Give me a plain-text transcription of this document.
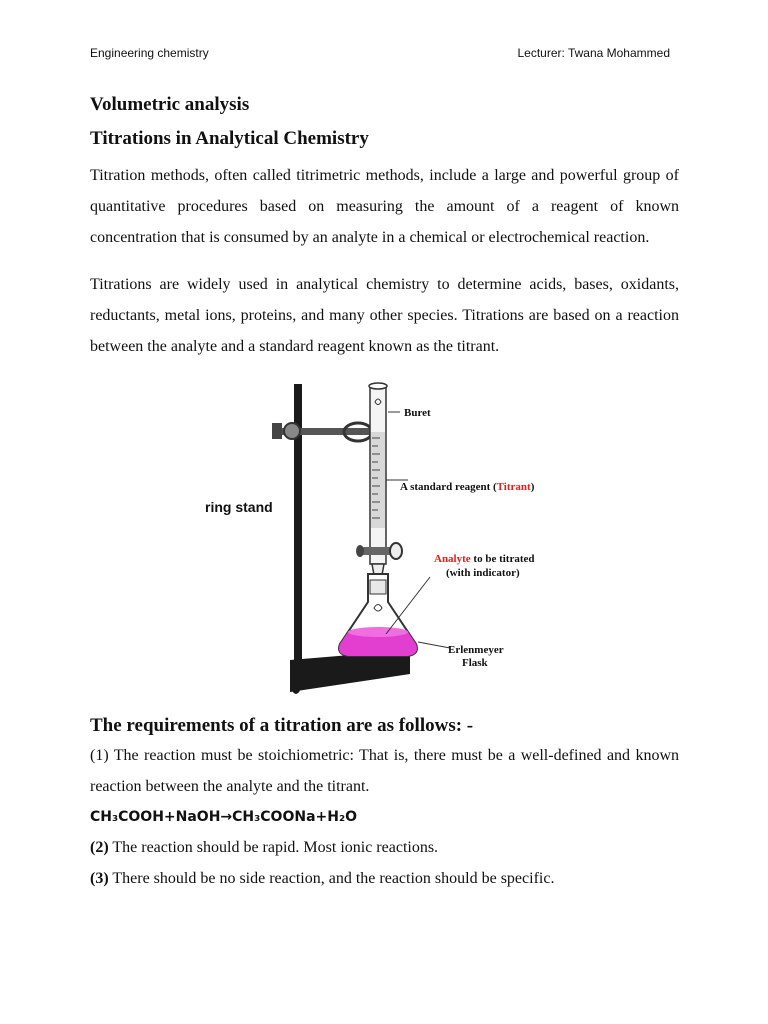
Engineering chemistry	Lecturer: Twana Mohammed
Volumetric analysis
Titrations in Analytical Chemistry

Titration methods, often called titrimetric methods, include a large and powerful group of quantitative procedures based on measuring the amount of a reagent of known concentration that is consumed by an analyte in a chemical or electrochemical reaction.

Titrations are widely used in analytical chemistry to determine acids, bases, oxidants, reductants, metal ions, proteins, and many other species. Titrations are based on a reaction between the analyte and a standard reagent known as the titrant.

ring stand
Buret
A standard reagent (Titrant)
Analyte to be titrated
(with indicator)
Erlenmeyer
Flask
The requirements of a titration are as follows: -

(1) The reaction must be stoichiometric: That is, there must be a well-defined and known reaction between the analyte and the titrant.

CH₃COOH+NaOH→CH₃COONa+H₂O

(2) The reaction should be rapid. Most ionic reactions.

(3) There should be no side reaction, and the reaction should be specific.
